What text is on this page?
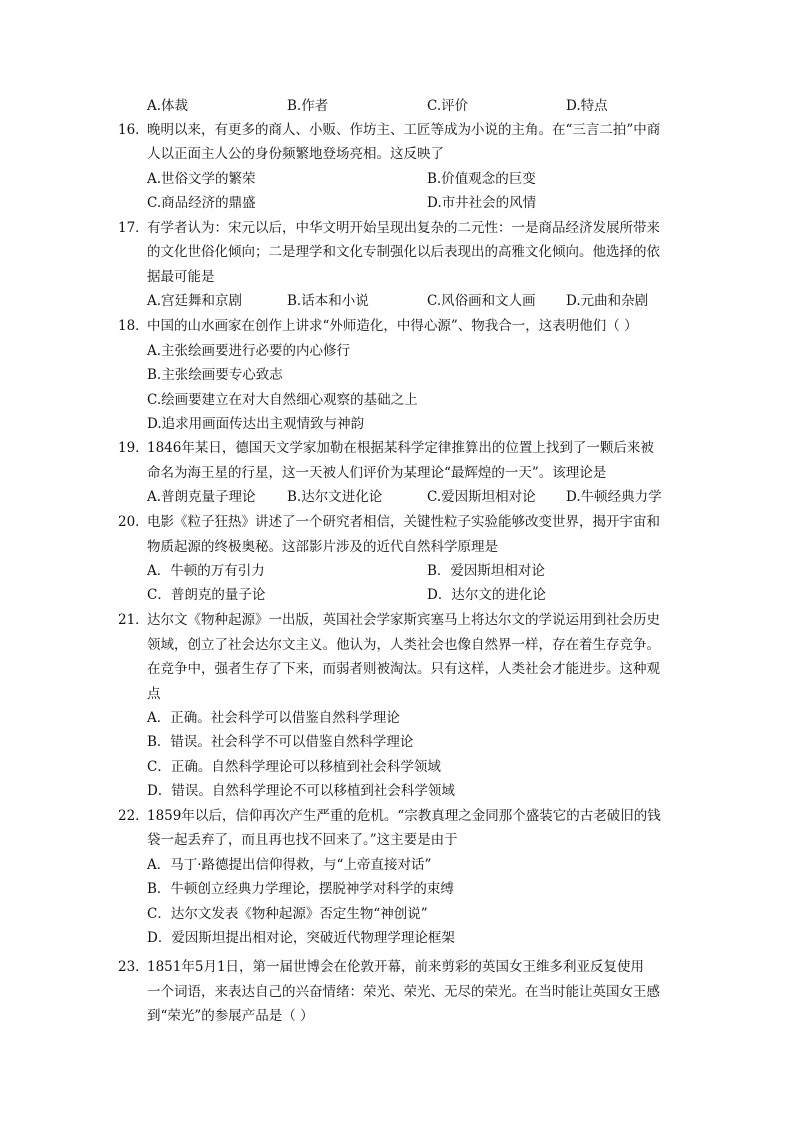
A.体裁	B.作者	C.评价	D.特点
16．
晚明以来，有更多的商人、小贩、作坊主、工匠等成为小说的主角。在“三言二拍”中商
人以正面主人公的身份频繁地登场亮相。这反映了
A.世俗文学的繁荣	B.价值观念的巨变
C.商品经济的鼎盛	D.市井社会的风情
17．
有学者认为：宋元以后，中华文明开始呈现出复杂的二元性：一是商品经济发展所带来
的文化世俗化倾向；二是理学和文化专制强化以后表现出的高雅文化倾向。他选择的依
据最可能是
A.宫廷舞和京剧	B.话本和小说	C.风俗画和文人画 D.元曲和杂剧
18．
中国的山水画家在创作上讲求“外师造化，中得心源”、物我合一，这表明他们（ ）
A.主张绘画要进行必要的内心修行
B.主张绘画要专心致志
C.绘画要建立在对大自然细心观察的基础之上
D.追求用画面传达出主观情致与神韵
19．
1846年某日，德国天文学家加勒在根据某科学定律推算出的位置上找到了一颗后来被
命名为海王星的行星，这一天被人们评价为某理论“最辉煌的一天”。该理论是
A.普朗克量子理论 B.达尔文进化论	C.爱因斯坦相对论 D.牛顿经典力学
20．
电影《粒子狂热》讲述了一个研究者相信，关键性粒子实验能够改变世界，揭开宇宙和
物质起源的终极奥秘。这部影片涉及的近代自然科学原理是
A．牛顿的万有引力	B．爱因斯坦相对论
C．普朗克的量子论	D．达尔文的进化论
21．
达尔文《物种起源》一出版，英国社会学家斯宾塞马上将达尔文的学说运用到社会历史
领域，创立了社会达尔文主义。他认为，人类社会也像自然界一样，存在着生存竞争。
在竞争中，强者生存了下来，而弱者则被淘汰。只有这样，人类社会才能进步。这种观
点
A．正确。社会科学可以借鉴自然科学理论
B．错误。社会科学不可以借鉴自然科学理论
C．正确。自然科学理论可以移植到社会科学领域
D．错误。自然科学理论不可以移植到社会科学领域
22．
1859年以后，信仰再次产生严重的危机。“宗教真理之金同那个盛装它的古老破旧的钱
袋一起丢弃了，而且再也找不回来了。”这主要是由于
A．马丁·路德提出信仰得救，与“上帝直接对话”
B．牛顿创立经典力学理论，摆脱神学对科学的束缚
C．达尔文发表《物种起源》否定生物“神创说”
D．爱因斯坦提出相对论，突破近代物理学理论框架
23．
1851年5月1日，第一届世博会在伦敦开幕，前来剪彩的英国女王维多利亚反复使用
一个词语，来表达自己的兴奋情绪：荣光、荣光、无尽的荣光。在当时能让英国女王感
到“荣光”的参展产品是（ ）
